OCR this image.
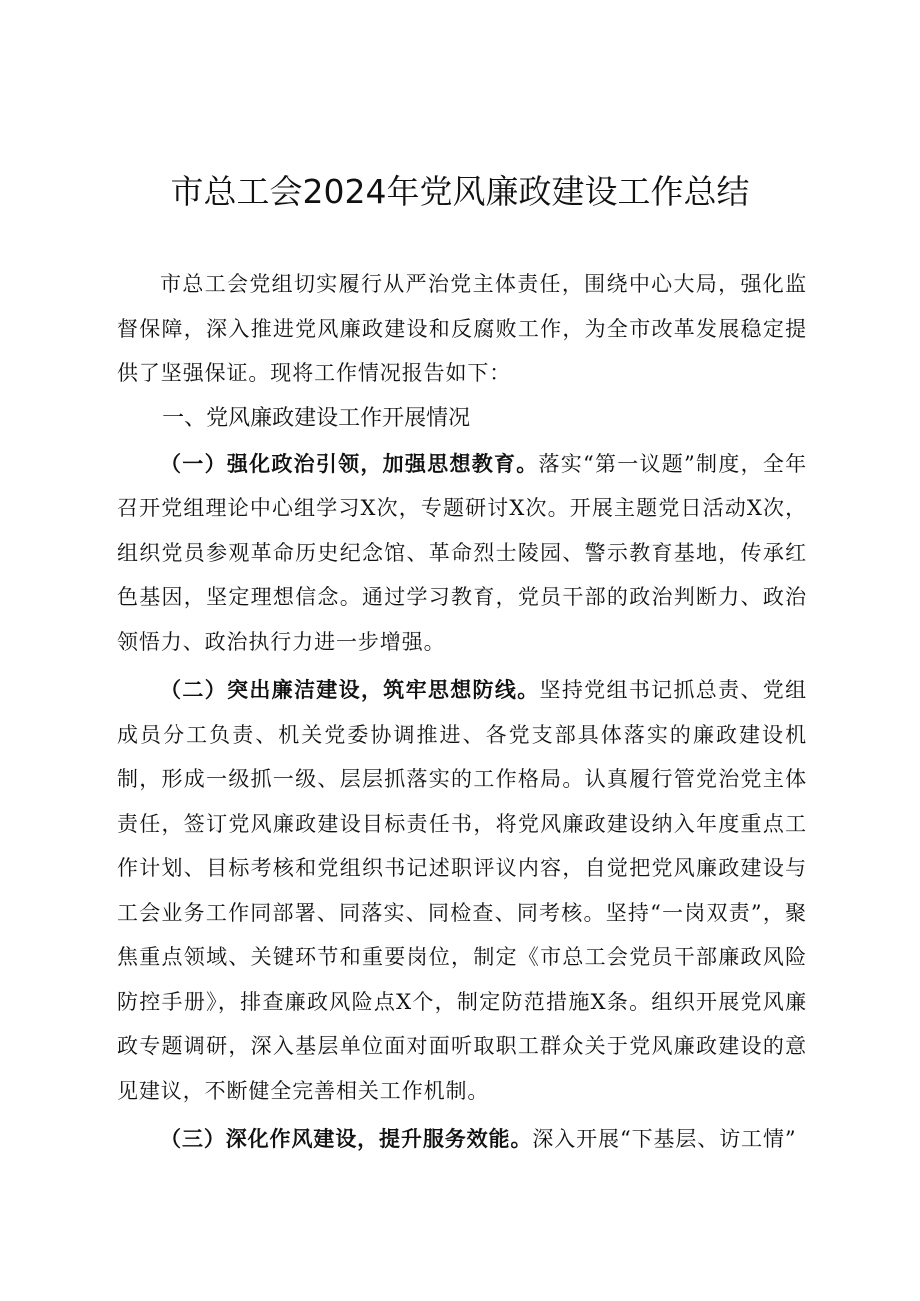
市总工会2024年党风廉政建设工作总结

市总工会党组切实履行从严治党主体责任，围绕中心大局，强化监督保障，深入推进党风廉政建设和反腐败工作，为全市改革发展稳定提供了坚强保证。现将工作情况报告如下：

一、党风廉政建设工作开展情况

（一）强化政治引领，加强思想教育。落实“第一议题”制度，全年召开党组理论中心组学习X次，专题研讨X次。开展主题党日活动X次，组织党员参观革命历史纪念馆、革命烈士陵园、警示教育基地，传承红色基因，坚定理想信念。通过学习教育，党员干部的政治判断力、政治领悟力、政治执行力进一步增强。

（二）突出廉洁建设，筑牢思想防线。坚持党组书记抓总责、党组成员分工负责、机关党委协调推进、各党支部具体落实的廉政建设机制，形成一级抓一级、层层抓落实的工作格局。认真履行管党治党主体责任，签订党风廉政建设目标责任书，将党风廉政建设纳入年度重点工作计划、目标考核和党组织书记述职评议内容，自觉把党风廉政建设与工会业务工作同部署、同落实、同检查、同考核。坚持“一岗双责”，聚焦重点领域、关键环节和重要岗位，制定《市总工会党员干部廉政风险防控手册》，排查廉政风险点X个，制定防范措施X条。组织开展党风廉政专题调研，深入基层单位面对面听取职工群众关于党风廉政建设的意见建议，不断健全完善相关工作机制。

（三）深化作风建设，提升服务效能。深入开展“下基层、访工情”
